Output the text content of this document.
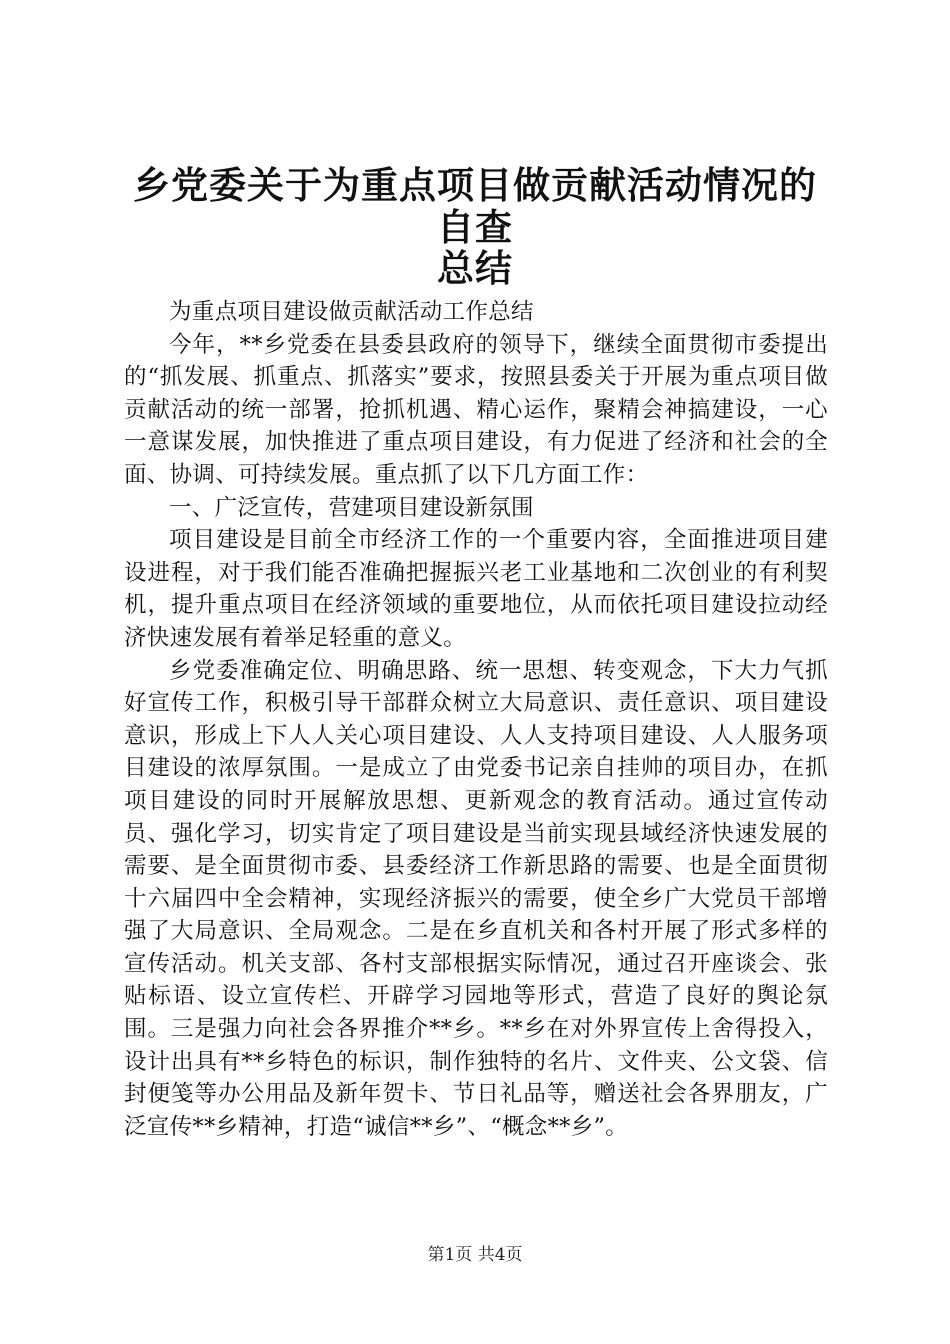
乡党委关于为重点项目做贡献活动情况的自查
总结

为重点项目建设做贡献活动工作总结

今年，**乡党委在县委县政府的领导下，继续全面贯彻市委提出的“抓发展、抓重点、抓落实”要求，按照县委关于开展为重点项目做贡献活动的统一部署，抢抓机遇、精心运作，聚精会神搞建设，一心一意谋发展，加快推进了重点项目建设，有力促进了经济和社会的全面、协调、可持续发展。重点抓了以下几方面工作：

一、广泛宣传，营建项目建设新氛围

项目建设是目前全市经济工作的一个重要内容，全面推进项目建设进程，对于我们能否准确把握振兴老工业基地和二次创业的有利契机，提升重点项目在经济领域的重要地位，从而依托项目建设拉动经济快速发展有着举足轻重的意义。

乡党委准确定位、明确思路、统一思想、转变观念，下大力气抓好宣传工作，积极引导干部群众树立大局意识、责任意识、项目建设意识，形成上下人人关心项目建设、人人支持项目建设、人人服务项目建设的浓厚氛围。一是成立了由党委书记亲自挂帅的项目办，在抓项目建设的同时开展解放思想、更新观念的教育活动。通过宣传动员、强化学习，切实肯定了项目建设是当前实现县域经济快速发展的需要、是全面贯彻市委、县委经济工作新思路的需要、也是全面贯彻十六届四中全会精神，实现经济振兴的需要，使全乡广大党员干部增强了大局意识、全局观念。二是在乡直机关和各村开展了形式多样的宣传活动。机关支部、各村支部根据实际情况，通过召开座谈会、张贴标语、设立宣传栏、开辟学习园地等形式，营造了良好的舆论氛围。三是强力向社会各界推介**乡。**乡在对外界宣传上舍得投入，设计出具有**乡特色的标识，制作独特的名片、文件夹、公文袋、信封便笺等办公用品及新年贺卡、节日礼品等，赠送社会各界朋友，广泛宣传**乡精神，打造“诚信**乡”、“概念**乡”。

第1页 共4页
